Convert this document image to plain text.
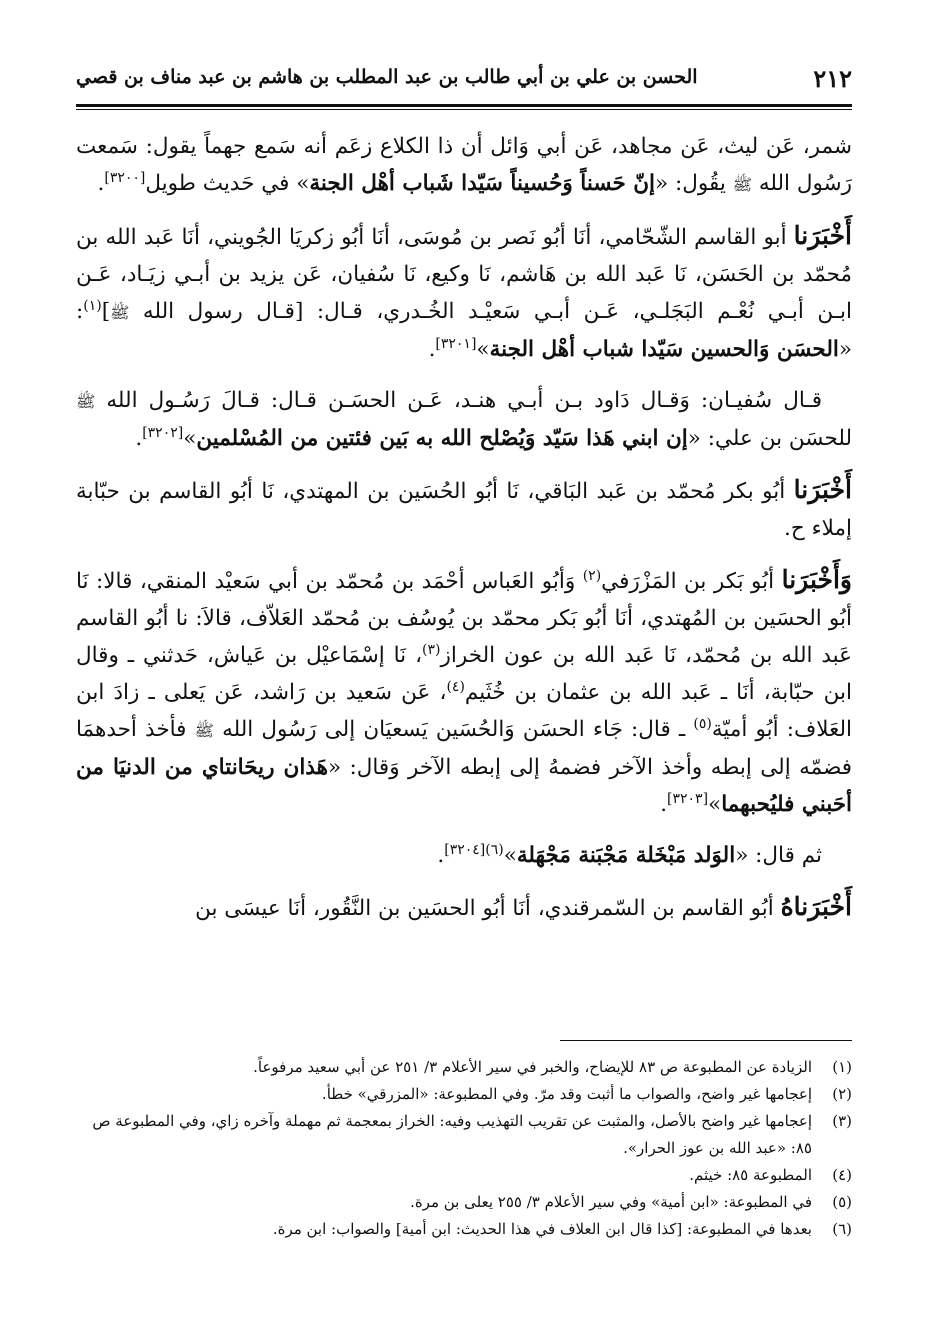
٢١٢
الحسن بن علي بن أبي طالب بن عبد المطلب بن هاشم بن عبد مناف بن قصي

شمر، عَن ليث، عَن مجاهد، عَن أبي وَائل أن ذا الكلاع زعَم أنه سَمع جهماً يقول: سَمعت رَسُول الله ﷺ يقُول: «إنّ حَسناً وَحُسيناً سَيّدا شَباب أهْل الجنة» في حَديث طويل[٣٢٠٠].

أَخْبَرَنا أبو القاسم الشّحّامي، أنَا أبُو نَصر بن مُوسَى، أنَا أبُو زكريَا الجُويني، أنَا عَبد الله بن مُحمّد بن الحَسَن، نَا عَبد الله بن هَاشم، نَا وكيع، نَا سُفيان، عَن يزيد بن أبـي زيَـاد، عَـن ابـن أبـي نُعْـم البَجَلـي، عَـن أبـي سَعيْـد الخُـدري، قـال: [قـال رسول الله ﷺ]$^{(١)}$: «الحسَن وَالحسين سَيّدا شباب أهْل الجنة»[٣٢٠١].

قـال سُفيـان: وَقـال دَاود بـن أبـي هنـد، عَـن الحسَـن قـال: قـالَ رَسُـول الله ﷺ للحسَن بن علي: «إن ابني هَذا سَيّد وَيُصْلح الله به بَين فئتين من المُسْلمين»[٣٢٠٢].

أَخْبَرَنا أبُو بكر مُحمّد بن عَبد البَاقي، نَا أبُو الحُسَين بن المهتدي، نَا أبُو القاسم بن حبّابة إملاء ح.

وَأَخْبَرَنا أبُو بَكر بن المَزْرَفي$^{(٢)}$ وَأبُو العَباس أحْمَد بن مُحمّد بن أبي سَعيْد المنقي، قالا: نَا أبُو الحسَين بن المُهتدي، أنَا أبُو بَكر محمّد بن يُوسُف بن مُحمّد العَلاّف، قالاَ: نا أبُو القاسم عَبد الله بن مُحمّد، نَا عَبد الله بن عون الخراز$^{(٣)}$، نَا إسْمَاعيْل بن عَياش، حَدثني ـ وقال ابن حبّابة، أنَا ـ عَبد الله بن عثمان بن خُثَيم$^{(٤)}$، عَن سَعيد بن رَاشد، عَن يَعلى ـ زادَ ابن العَلاف: أبُو أميّة$^{(٥)}$ ـ قال: جَاء الحسَن وَالحُسَين يَسعيَان إلى رَسُول الله ﷺ فأخذ أحدهمَا فضمّه إلى إبطه وأخذ الآخر فضمهُ إلى إبطه الآخر وَقال: «هَذان ريحَانتاي من الدنيَا من أحَبني فليُحبهما»[٣٢٠٣].

ثم قال: «الوَلد مَبْخَلة مَجْبَنة مَجْهَلة»$^{(٦)[٣٢٠٤]}$.

أَخْبَرَناهُ أبُو القاسم بن السّمرقندي، أنَا أبُو الحسَين بن النَّقُور، أنَا عيسَى بن

(١)
الزيادة عن المطبوعة ص ٨٣ للإيضاح، والخبر في سير الأعلام ٣/ ٢٥١ عن أبي سعيد مرفوعاً.
(٢)
إعجامها غير واضح، والصواب ما أثبت وقد مرّ. وفي المطبوعة: «المزرقي» خطأ.
(٣)
إعجامها غير واضح بالأصل، والمثبت عن تقريب التهذيب وفيه: الخراز بمعجمة ثم مهملة وآخره زاي، وفي المطبوعة ص ٨٥: «عبد الله بن عوز الحرار».
(٤)
المطبوعة ٨٥: خيثم.
(٥)
في المطبوعة: «ابن أمية» وفي سير الأعلام ٣/ ٢٥٥ يعلى بن مرة.
(٦)
بعدها في المطبوعة: [كذا قال ابن العلاف في هذا الحديث: ابن أمية] والصواب: ابن مرة.
